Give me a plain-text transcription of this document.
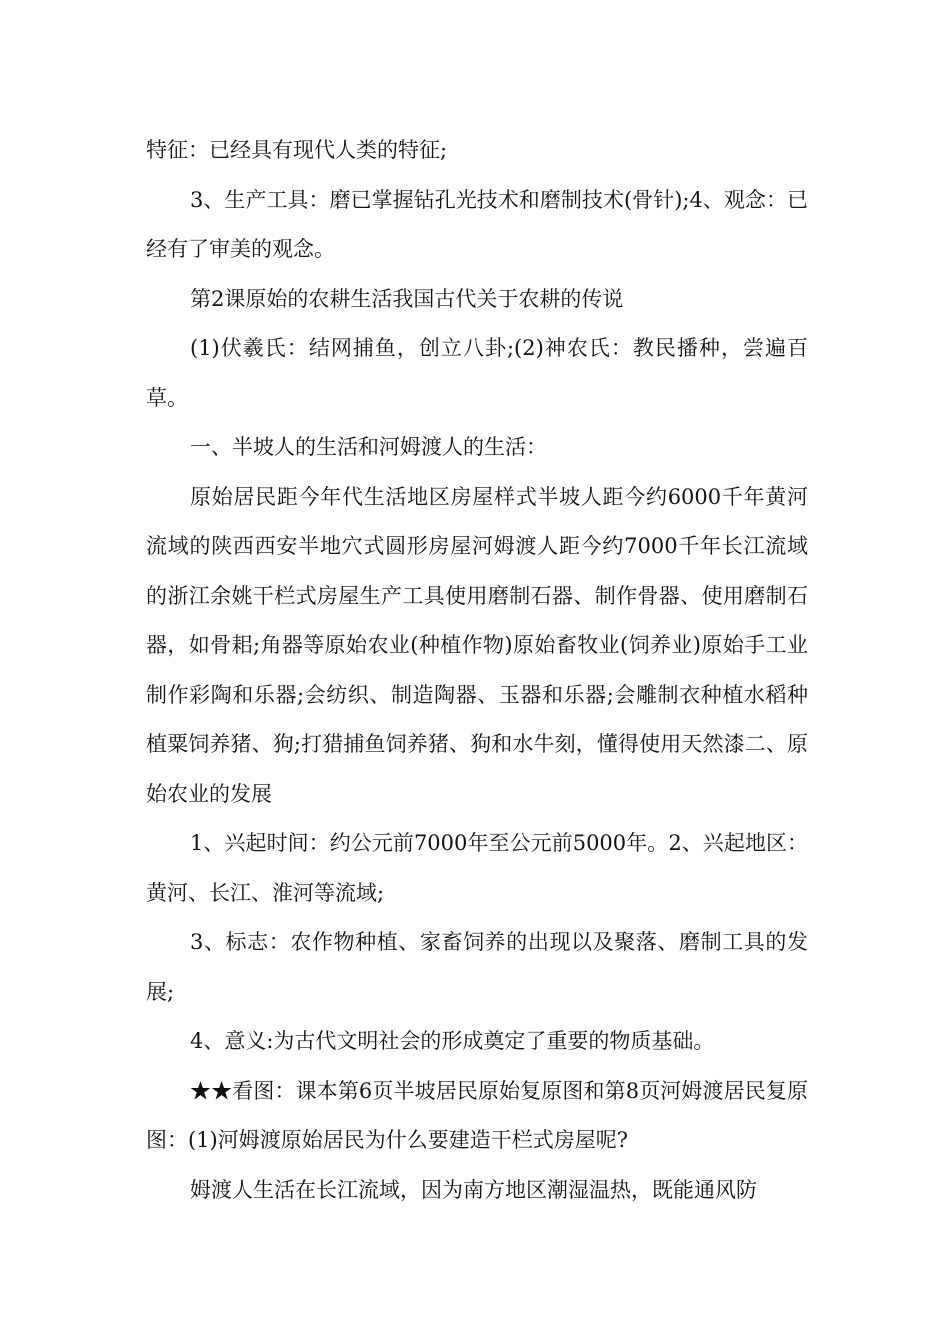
特征：已经具有现代人类的特征;

3、生产工具：磨已掌握钻孔光技术和磨制技术(骨针);4、观念：已经有了审美的观念。

第2课原始的农耕生活我国古代关于农耕的传说

(1)伏羲氏：结网捕鱼，创立八卦;(2)神农氏：教民播种，尝遍百草。

一、半坡人的生活和河姆渡人的生活：

原始居民距今年代生活地区房屋样式半坡人距今约6000千年黄河流域的陕西西安半地穴式圆形房屋河姆渡人距今约7000千年长江流域的浙江余姚干栏式房屋生产工具使用磨制石器、制作骨器、使用磨制石器，如骨耜;角器等原始农业(种植作物)原始畜牧业(饲养业)原始手工业制作彩陶和乐器;会纺织、制造陶器、玉器和乐器;会雕制衣种植水稻种植粟饲养猪、狗;打猎捕鱼饲养猪、狗和水牛刻，懂得使用天然漆二、原始农业的发展

1、兴起时间：约公元前7000年至公元前5000年。2、兴起地区：黄河、长江、淮河等流域;

3、标志：农作物种植、家畜饲养的出现以及聚落、磨制工具的发展;

4、意义:为古代文明社会的形成奠定了重要的物质基础。

★★看图：课本第6页半坡居民原始复原图和第8页河姆渡居民复原图：(1)河姆渡原始居民为什么要建造干栏式房屋呢?

姆渡人生活在长江流域，因为南方地区潮湿温热，既能通风防
